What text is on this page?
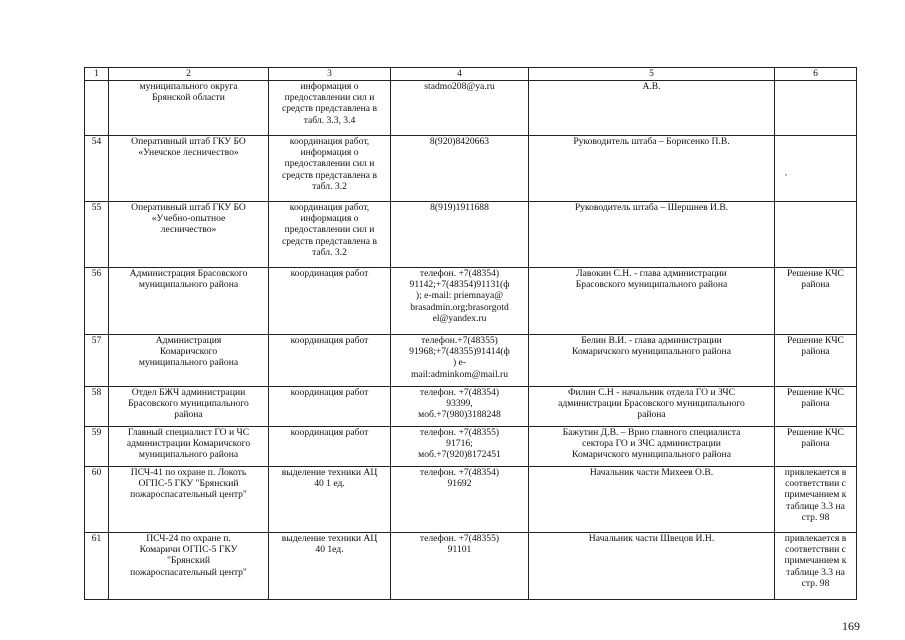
1	2	3	4	5	6
	муниципального округа
Брянской области	информация о
предоставлении сил и
средств представлена в
табл. 3.3, 3.4	stadmo208@ya.ru	А.В.	
54	Оперативный штаб ГКУ БО
«Унечское лесничество»	координация работ,
информация о
предоставлении сил и
средств представлена в
табл. 3.2	8(920)8420663	Руководитель штаба – Борисенко П.В.	
55	Оперативный штаб ГКУ БО
«Учебно-опытное
лесничество»	координация работ,
информация о
предоставлении сил и
средств представлена в
табл. 3.2	8(919)1911688	Руководитель штаба – Шершнев И.В.	
56	Администрация Брасовского
муниципального района	координация работ	телефон. +7(48354)
91142;+7(48354)91131(ф
); e-mail: priemnaya@
brasadmin.org;brasorgotd
el@yandex.ru	Лавокин С.Н. - глава администрации
Брасовского муниципального района	Решение КЧС
района
57	Администрация
Комаричского
муниципального района	координация работ	телефон.+7(48355)
91968;+7(48355)91414(ф
) e-
mail:adminkom@mail.ru	Белин В.И. - глава администрации
Комаричского муниципального района	Решение КЧС
района
58	Отдел БЖЧ администрации
Брасовского муниципального
района	координация работ	телефон. +7(48354)
93399,
моб.+7(980)3188248	Филин С.Н - начальник отдела ГО и ЗЧС
администрации Брасовского муниципального
района	Решение КЧС
района
59	Главный специалист ГО и ЧС
администрации Комаричского
муниципального района	координация работ	телефон. +7(48355)
91716;
моб.+7(920)8172451	Бажутин Д.В. – Врио главного специалиста
сектора ГО и ЗЧС администрации
Комаричского муниципального района	Решение КЧС
района
60	ПСЧ-41 по охране п. Локоть
ОГПС-5 ГКУ "Брянский
пожароспасательный центр"	выделение техники АЦ
40 1 ед.	телефон. +7(48354)
91692	Начальник части Михеев О.В.	привлекается в
соответствии с
примечанием к
таблице 3.3 на
стр. 98
61	ПСЧ-24 по охране п.
Комаричи ОГПС-5 ГКУ
"Брянский
пожароспасательный центр"	выделение техники АЦ
40 1ед.	телефон. +7(48355)
91101	Начальник части Швецов И.Н.	привлекается в
соответствии с
примечанием к
таблице 3.3 на
стр. 98
,
169
